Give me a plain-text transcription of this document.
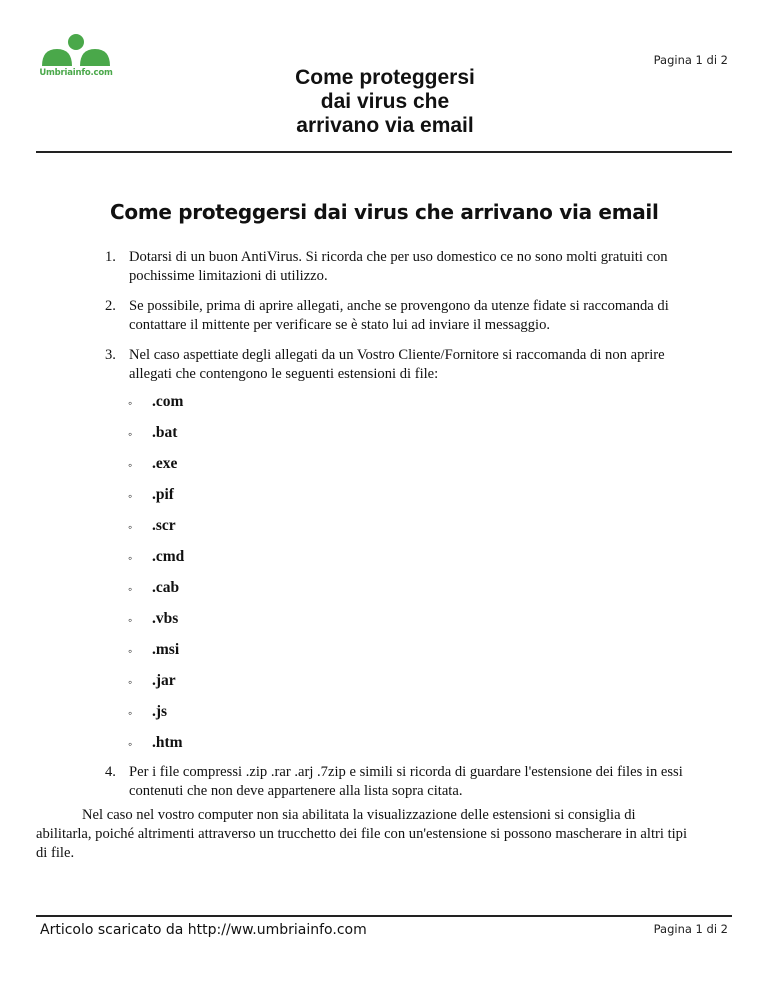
Umbriainfo.com
Pagina 1 di 2
Come proteggersi
dai virus che
arrivano via email
Come proteggersi dai virus che arrivano via email
1. Dotarsi di un buon AntiVirus. Si ricorda che per uso domestico ce no sono molti gratuiti con
pochissime limitazioni di utilizzo.
2. Se possibile, prima di aprire allegati, anche se provengono da utenze fidate si raccomanda di
contattare il mittente per verificare se è stato lui ad inviare il messaggio.
3. Nel caso aspettiate degli allegati da un Vostro Cliente/Fornitore si raccomanda di non aprire
allegati che contengono le seguenti estensioni di file:
◦ .com
◦ .bat
◦ .exe
◦ .pif
◦ .scr
◦ .cmd
◦ .cab
◦ .vbs
◦ .msi
◦ .jar
◦ .js
◦ .htm
4. Per i file compressi .zip .rar .arj .7zip e simili si ricorda di guardare l'estensione dei files in essi
contenuti che non deve appartenere alla lista sopra citata.
Nel caso nel vostro computer non sia abilitata la visualizzazione delle estensioni si consiglia di
abilitarla, poiché altrimenti attraverso un trucchetto dei file con un'estensione si possono mascherare in altri tipi
di file.
Articolo scaricato da http://ww.umbriainfo.com	Pagina 1 di 2
